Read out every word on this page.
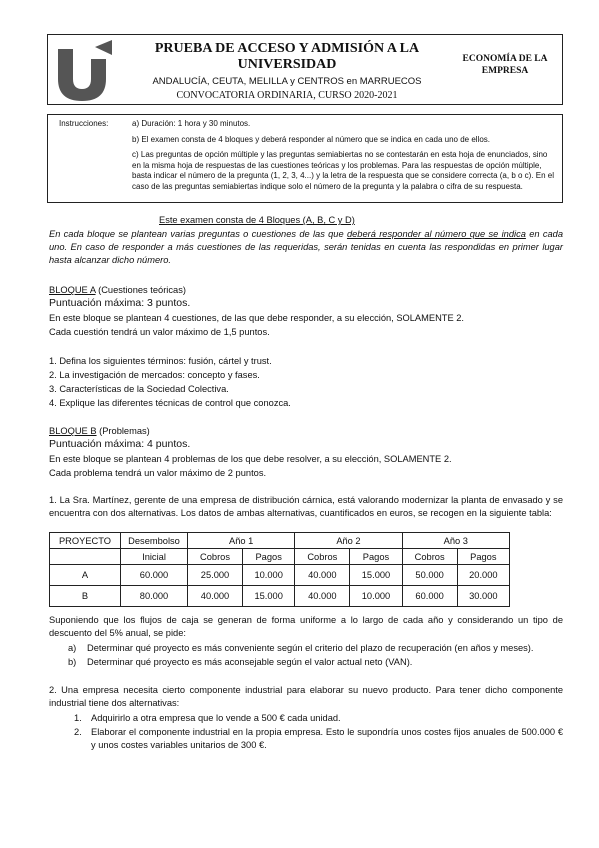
PRUEBA DE ACCESO Y ADMISIÓN A LA UNIVERSIDAD
ANDALUCÍA, CEUTA, MELILLA y CENTROS en MARRUECOS
CONVOCATORIA ORDINARIA, CURSO 2020-2021
ECONOMÍA DE LA EMPRESA
Instrucciones:	a) Duración: 1 hora y 30 minutos.

b) El examen consta de 4 bloques y deberá responder al número que se indica en cada uno de ellos.

c) Las preguntas de opción múltiple y las preguntas semiabiertas no se contestarán en esta hoja de enunciados, sino en la misma hoja de respuestas de las cuestiones teóricas y los problemas. Para las respuestas de opción múltiple, basta indicar el número de la pregunta (1, 2, 3, 4...) y la letra de la respuesta que se considere correcta (a, b o c). En el caso de las preguntas semiabiertas indique solo el número de la pregunta y la palabra o cifra de su respuesta.

Este examen consta de 4 Bloques (A, B, C y D)
En cada bloque se plantean varias preguntas o cuestiones de las que deberá responder al número que se indica en cada uno. En caso de responder a más cuestiones de las requeridas, serán tenidas en cuenta las respondidas en primer lugar hasta alcanzar dicho número.
BLOQUE A (Cuestiones teóricas)
Puntuación máxima: 3 puntos.
En este bloque se plantean 4 cuestiones, de las que debe responder, a su elección, SOLAMENTE 2.
Cada cuestión tendrá un valor máximo de 1,5 puntos.
1. Defina los siguientes términos: fusión, cártel y trust.
2. La investigación de mercados: concepto y fases.
3. Características de la Sociedad Colectiva.
4. Explique las diferentes técnicas de control que conozca.
BLOQUE B (Problemas)
Puntuación máxima: 4 puntos.
En este bloque se plantean 4 problemas de los que debe resolver, a su elección, SOLAMENTE 2.
Cada problema tendrá un valor máximo de 2 puntos.
1. La Sra. Martínez, gerente de una empresa de distribución cárnica, está valorando modernizar la planta de envasado y se encuentra con dos alternativas. Los datos de ambas alternativas, cuantificados en euros, se recogen en la siguiente tabla:
PROYECTO	Desembolso	Año 1		Año 2		Año 3	
	Inicial	Cobros	Pagos	Cobros	Pagos	Cobros	Pagos
A	60.000	25.000	10.000	40.000	15.000	50.000	20.000
B	80.000	40.000	15.000	40.000	10.000	60.000	30.000
Suponiendo que los flujos de caja se generan de forma uniforme a lo largo de cada año y considerando un tipo de descuento del 5% anual, se pide:
a) Determinar qué proyecto es más conveniente según el criterio del plazo de recuperación (en años y meses).
b) Determinar qué proyecto es más aconsejable según el valor actual neto (VAN).
2. Una empresa necesita cierto componente industrial para elaborar su nuevo producto. Para tener dicho componente industrial tiene dos alternativas:
1. Adquirirlo a otra empresa que lo vende a 500 € cada unidad.
2. Elaborar el componente industrial en la propia empresa. Esto le supondría unos costes fijos anuales de 500.000 € y unos costes variables unitarios de 300 €.
